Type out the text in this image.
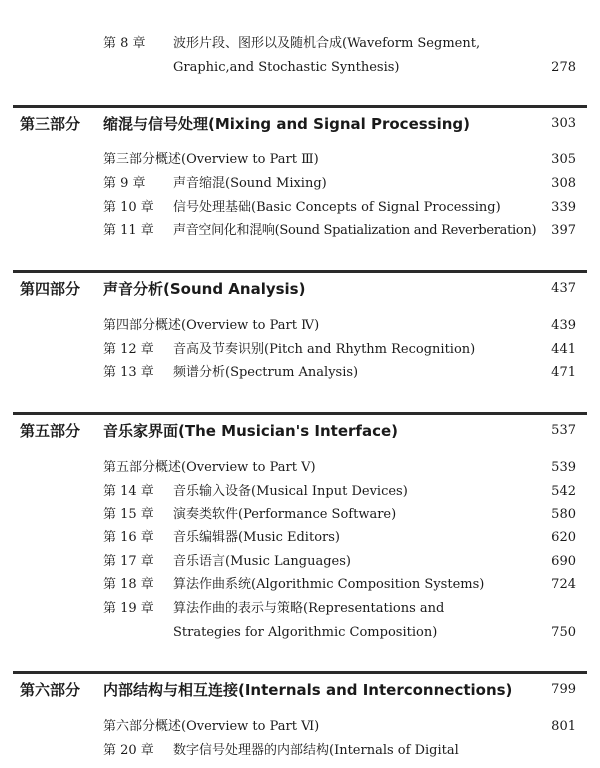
第 8 章 波形片段、图形以及随机合成(Waveform Segment,
Graphic,and Stochastic Synthesis)	278
第三部分 缩混与信号处理(Mixing and Signal Processing)	303
第三部分概述(Overview to Part Ⅲ)	305
第 9 章 声音缩混(Sound Mixing)	308
第 10 章 信号处理基础(Basic Concepts of Signal Processing)	339
第 11 章 声音空间化和混响(Sound Spatialization and Reverberation) 397
第四部分 声音分析(Sound Analysis)	437
第四部分概述(Overview to Part Ⅳ)	439
第 12 章 音高及节奏识别(Pitch and Rhythm Recognition)	441
第 13 章 频谱分析(Spectrum Analysis)	471
第五部分 音乐家界面(The Musician's Interface)	537
第五部分概述(Overview to Part Ⅴ)	539
第 14 章 音乐输入设备(Musical Input Devices)	542
第 15 章 演奏类软件(Performance Software)	580
第 16 章 音乐编辑器(Music Editors)	620
第 17 章 音乐语言(Music Languages)	690
第 18 章 算法作曲系统(Algorithmic Composition Systems)	724
第 19 章 算法作曲的表示与策略(Representations and
Strategies for Algorithmic Composition)	750
第六部分 内部结构与相互连接(Internals and Interconnections)	799
第六部分概述(Overview to Part Ⅵ)	801
第 20 章 数字信号处理器的内部结构(Internals of Digital
